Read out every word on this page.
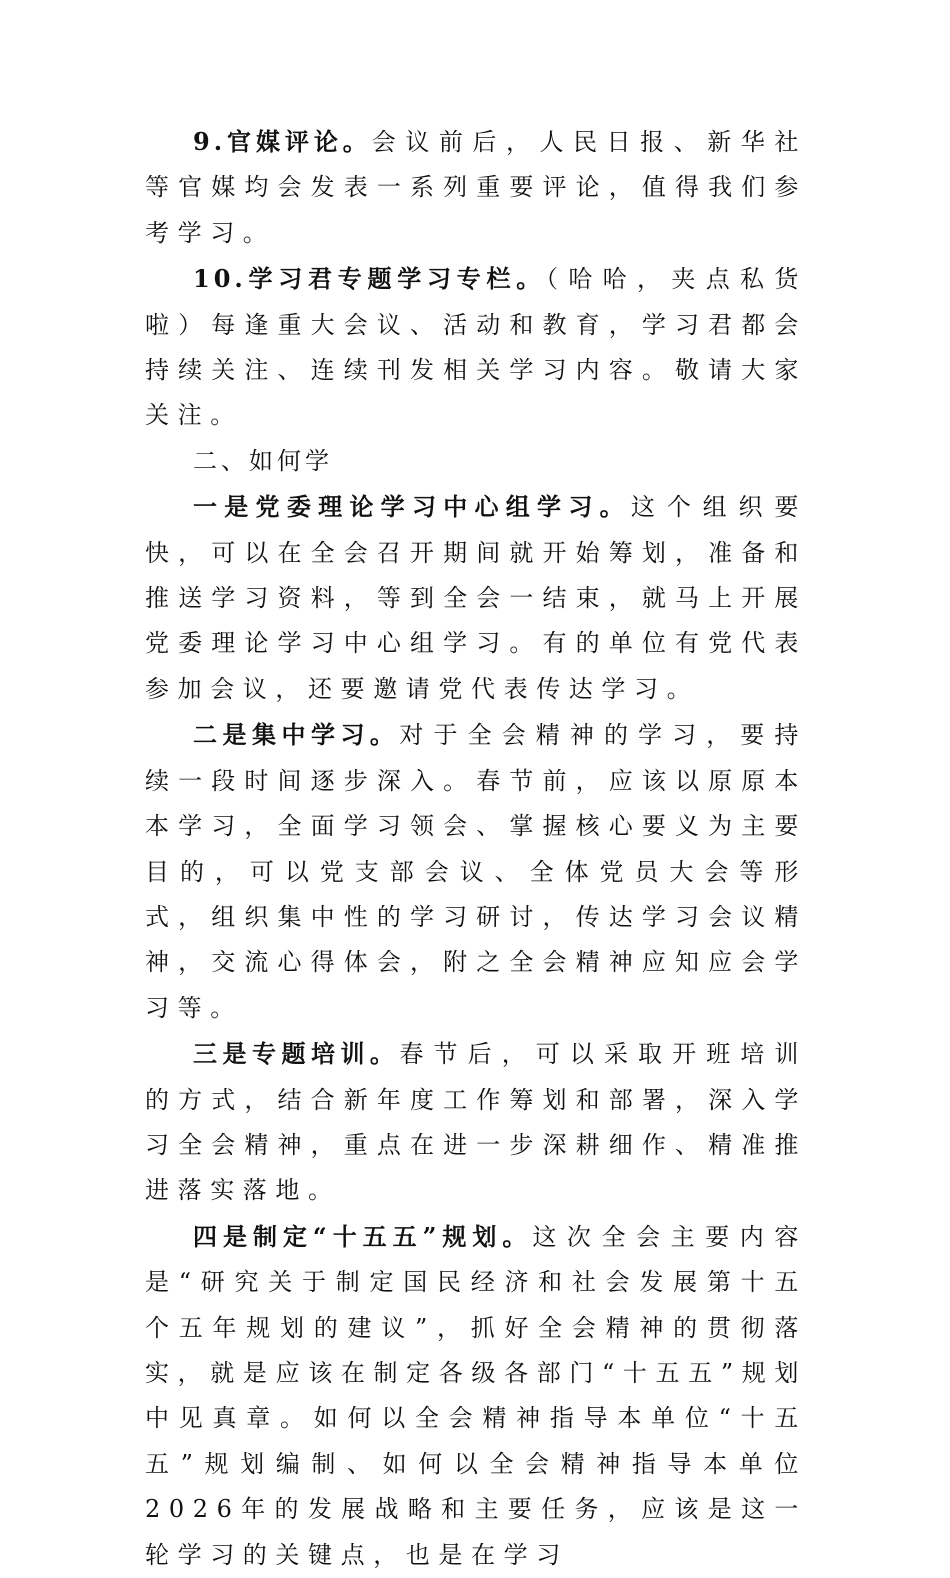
9.官媒评论。会议前后，人民日报、新华社等官媒均会发表一系列重要评论，值得我们参考学习。

10.学习君专题学习专栏。（哈哈，夹点私货啦）每逢重大会议、活动和教育，学习君都会持续关注、连续刊发相关学习内容。敬请大家关注。

二、如何学

一是党委理论学习中心组学习。这个组织要快，可以在全会召开期间就开始筹划，准备和推送学习资料，等到全会一结束，就马上开展党委理论学习中心组学习。有的单位有党代表参加会议，还要邀请党代表传达学习。

二是集中学习。对于全会精神的学习，要持续一段时间逐步深入。春节前，应该以原原本本学习，全面学习领会、掌握核心要义为主要目的，可以党支部会议、全体党员大会等形式，组织集中性的学习研讨，传达学习会议精神，交流心得体会，附之全会精神应知应会学习等。

三是专题培训。春节后，可以采取开班培训的方式，结合新年度工作筹划和部署，深入学习全会精神，重点在进一步深耕细作、精准推进落实落地。

四是制定“十五五”规划。这次全会主要内容是“研究关于制定国民经济和社会发展第十五个五年规划的建议”，抓好全会精神的贯彻落实，就是应该在制定各级各部门“十五五”规划中见真章。如何以全会精神指导本单位“十五五”规划编制、如何以全会精神指导本单位2026年的发展战略和主要任务，应该是这一轮学习的关键点，也是在学习
